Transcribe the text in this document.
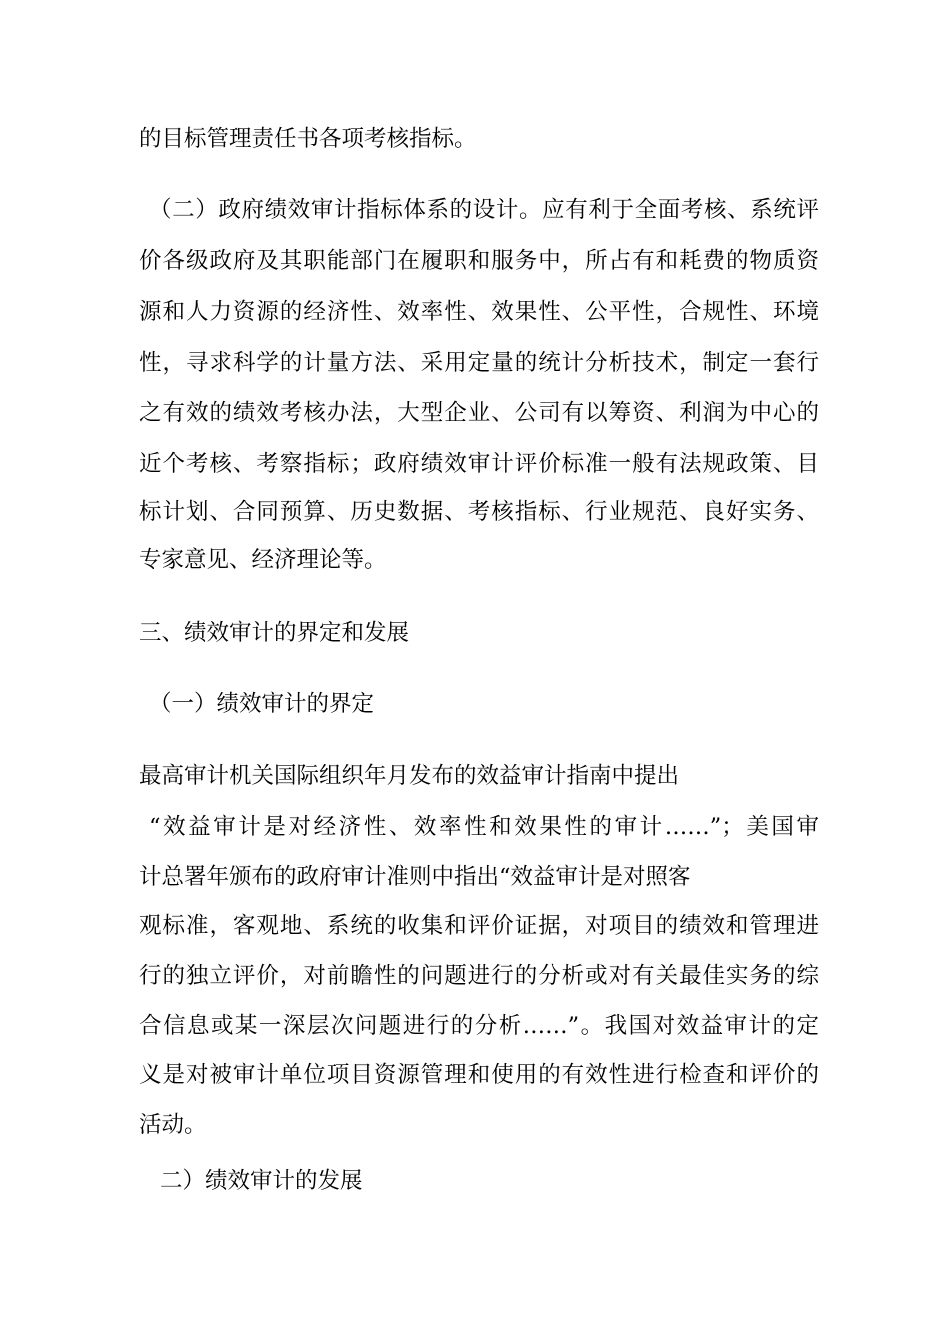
的目标管理责任书各项考核指标。
（二）政府绩效审计指标体系的设计。应有利于全面考核、系统评
价各级政府及其职能部门在履职和服务中，所占有和耗费的物质资
源和人力资源的经济性、效率性、效果性、公平性，合规性、环境
性，寻求科学的计量方法、采用定量的统计分析技术，制定一套行
之有效的绩效考核办法，大型企业、公司有以筹资、利润为中心的
近个考核、考察指标；政府绩效审计评价标准一般有法规政策、目
标计划、合同预算、历史数据、考核指标、行业规范、良好实务、
专家意见、经济理论等。
三、绩效审计的界定和发展
（一）绩效审计的界定
最高审计机关国际组织年月发布的效益审计指南中提出
“效益审计是对经济性、效率性和效果性的审计……”；美国审
计总署年颁布的政府审计准则中指出“效益审计是对照客
观标准，客观地、系统的收集和评价证据，对项目的绩效和管理进
行的独立评价，对前瞻性的问题进行的分析或对有关最佳实务的综
合信息或某一深层次问题进行的分析……”。我国对效益审计的定
义是对被审计单位项目资源管理和使用的有效性进行检查和评价的
活动。
二）绩效审计的发展
